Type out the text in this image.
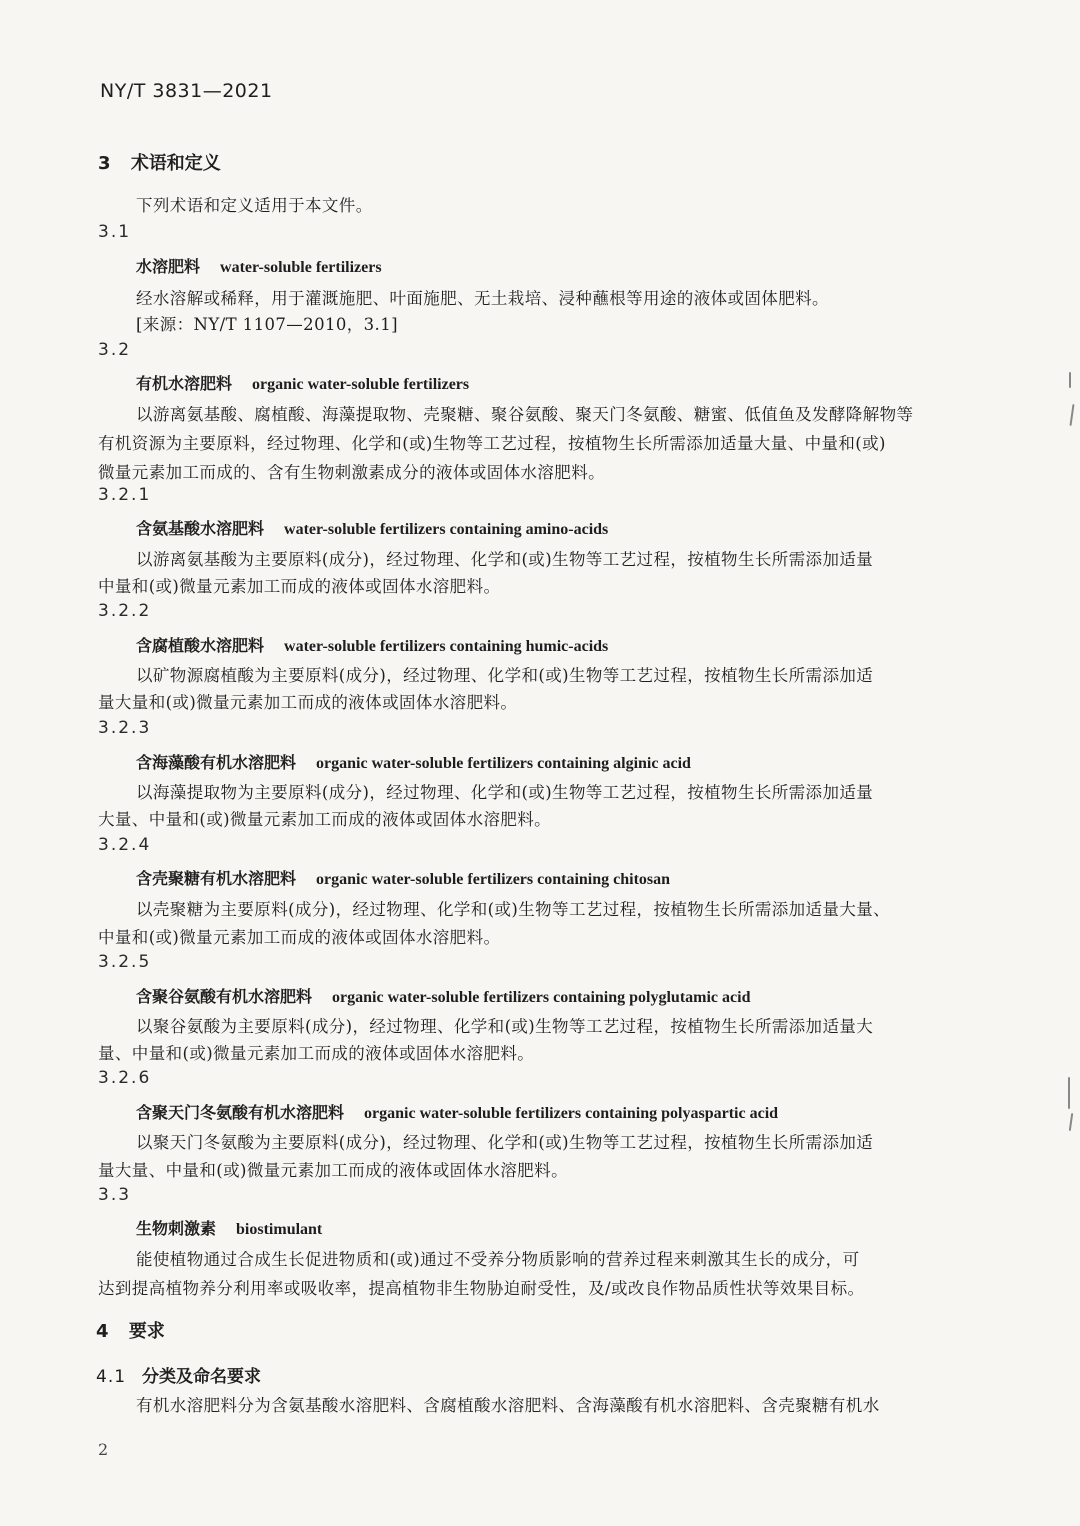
NY/T 3831—2021
3 术语和定义
下列术语和定义适用于本文件。
3.1
水溶肥料 water-soluble fertilizers
经水溶解或稀释，用于灌溉施肥、叶面施肥、无土栽培、浸种蘸根等用途的液体或固体肥料。
[来源：NY/T 1107—2010，3.1]
3.2
有机水溶肥料 organic water-soluble fertilizers
以游离氨基酸、腐植酸、海藻提取物、壳聚糖、聚谷氨酸、聚天门冬氨酸、糖蜜、低值鱼及发酵降解物等
有机资源为主要原料，经过物理、化学和(或)生物等工艺过程，按植物生长所需添加适量大量、中量和(或)
微量元素加工而成的、含有生物刺激素成分的液体或固体水溶肥料。
3.2.1
含氨基酸水溶肥料 water-soluble fertilizers containing amino-acids
以游离氨基酸为主要原料(成分)，经过物理、化学和(或)生物等工艺过程，按植物生长所需添加适量
中量和(或)微量元素加工而成的液体或固体水溶肥料。
3.2.2
含腐植酸水溶肥料 water-soluble fertilizers containing humic-acids
以矿物源腐植酸为主要原料(成分)，经过物理、化学和(或)生物等工艺过程，按植物生长所需添加适
量大量和(或)微量元素加工而成的液体或固体水溶肥料。
3.2.3
含海藻酸有机水溶肥料 organic water-soluble fertilizers containing alginic acid
以海藻提取物为主要原料(成分)，经过物理、化学和(或)生物等工艺过程，按植物生长所需添加适量
大量、中量和(或)微量元素加工而成的液体或固体水溶肥料。
3.2.4
含壳聚糖有机水溶肥料 organic water-soluble fertilizers containing chitosan
以壳聚糖为主要原料(成分)，经过物理、化学和(或)生物等工艺过程，按植物生长所需添加适量大量、
中量和(或)微量元素加工而成的液体或固体水溶肥料。
3.2.5
含聚谷氨酸有机水溶肥料 organic water-soluble fertilizers containing polyglutamic acid
以聚谷氨酸为主要原料(成分)，经过物理、化学和(或)生物等工艺过程，按植物生长所需添加适量大
量、中量和(或)微量元素加工而成的液体或固体水溶肥料。
3.2.6
含聚天门冬氨酸有机水溶肥料 organic water-soluble fertilizers containing polyaspartic acid
以聚天门冬氨酸为主要原料(成分)，经过物理、化学和(或)生物等工艺过程，按植物生长所需添加适
量大量、中量和(或)微量元素加工而成的液体或固体水溶肥料。
3.3
生物刺激素 biostimulant
能使植物通过合成生长促进物质和(或)通过不受养分物质影响的营养过程来刺激其生长的成分，可
达到提高植物养分利用率或吸收率，提高植物非生物胁迫耐受性，及/或改良作物品质性状等效果目标。
4 要求
4.1 分类及命名要求
有机水溶肥料分为含氨基酸水溶肥料、含腐植酸水溶肥料、含海藻酸有机水溶肥料、含壳聚糖有机水
2
